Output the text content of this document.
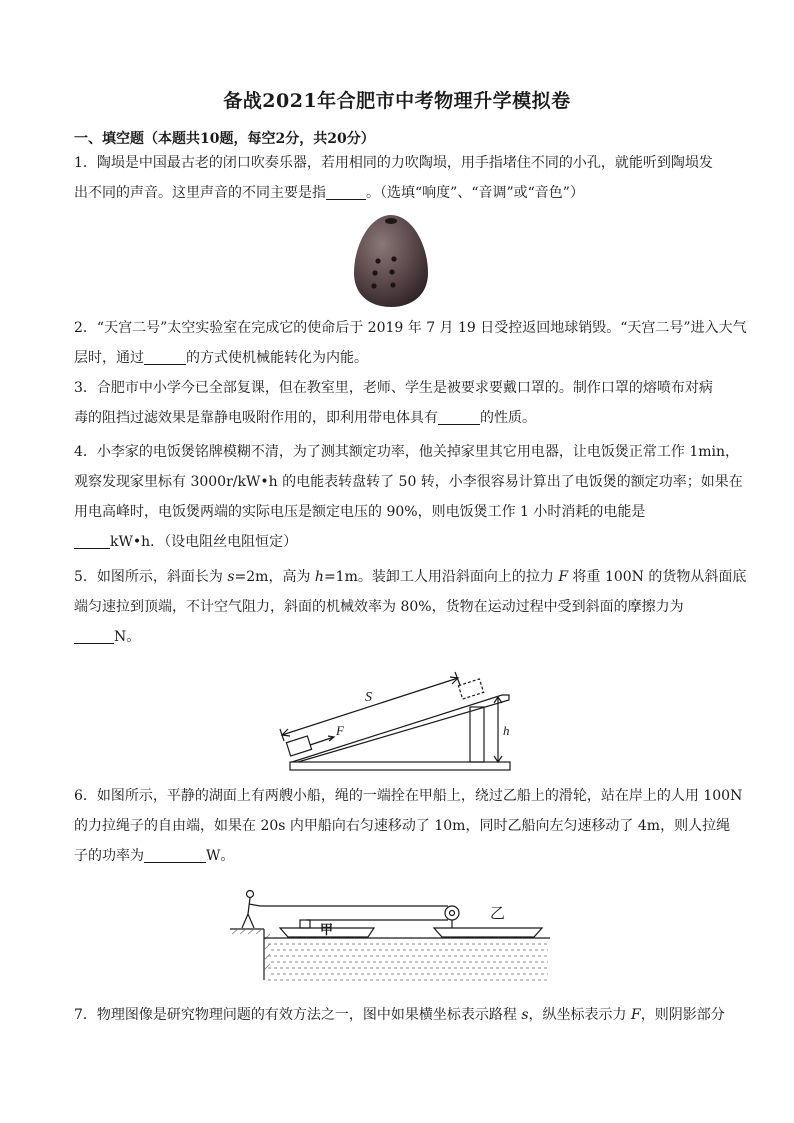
备战2021年合肥市中考物理升学模拟卷
一、填空题（本题共10题，每空2分，共20分）
1．陶埙是中国最古老的闭口吹奏乐器，若用相同的力吹陶埙，用手指堵住不同的小孔，就能听到陶埙发
出不同的声音。这里声音的不同主要是指	。（选填“响度”、“音调”或“音色”）
2．“天宫二号”太空实验室在完成它的使命后于 2019 年 7 月 19 日受控返回地球销毁。“天宫二号”进入大气
层时，通过	的方式使机械能转化为内能。
3．合肥市中小学今已全部复课，但在教室里，老师、学生是被要求要戴口罩的。制作口罩的熔喷布对病
毒的阻挡过滤效果是靠静电吸附作用的，即利用带电体具有	的性质。
4．小李家的电饭煲铭牌模糊不清，为了测其额定功率，他关掉家里其它用电器，让电饭煲正常工作 1min，
观察发现家里标有 3000r/kW•h 的电能表转盘转了 50 转，小李很容易计算出了电饭煲的额定功率；如果在
用电高峰时，电饭煲两端的实际电压是额定电压的 90%，则电饭煲工作 1 小时消耗的电能是
kW•h．（设电阻丝电阻恒定）
5．如图所示，斜面长为 s=2m，高为 h=1m。装卸工人用沿斜面向上的拉力 F 将重 100N 的货物从斜面底
端匀速拉到顶端，不计空气阻力，斜面的机械效率为 80%，货物在运动过程中受到斜面的摩擦力为
N。
S
F	h
6．如图所示，平静的湖面上有两艘小船，绳的一端拴在甲船上，绕过乙船上的滑轮，站在岸上的人用 100N
的力拉绳子的自由端，如果在 20s 内甲船向右匀速移动了 10m，同时乙船向左匀速移动了 4m，则人拉绳
子的功率为	W。
甲
乙
7．物理图像是研究物理问题的有效方法之一，图中如果横坐标表示路程 s，纵坐标表示力 F，则阴影部分
